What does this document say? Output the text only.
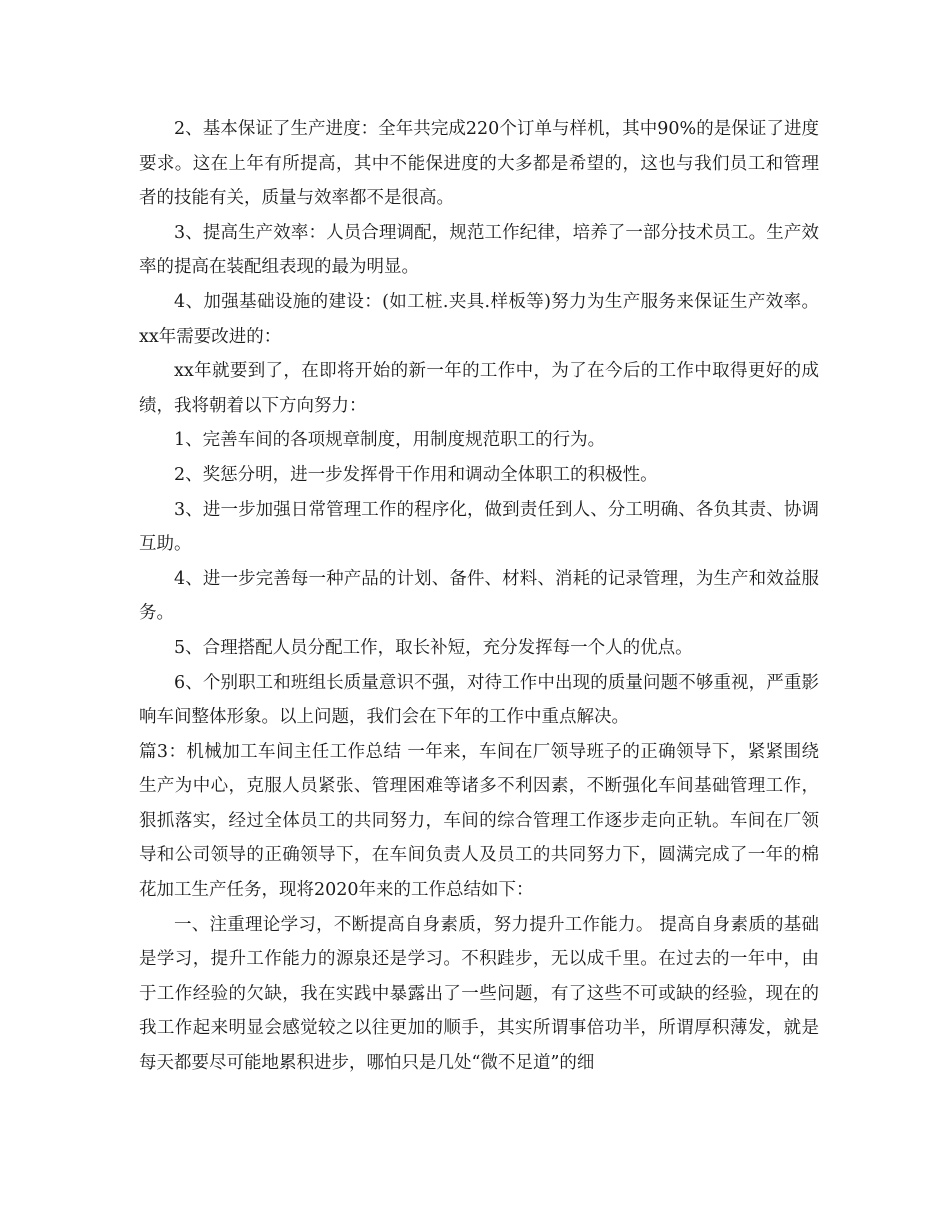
2、基本保证了生产进度：全年共完成220个订单与样机，其中90%的是保证了进度要求。这在上年有所提高，其中不能保进度的大多都是希望的，这也与我们员工和管理者的技能有关，质量与效率都不是很高。

3、提高生产效率：人员合理调配，规范工作纪律，培养了一部分技术员工。生产效率的提高在装配组表现的最为明显。

4、加强基础设施的建设：(如工桩.夹具.样板等)努力为生产服务来保证生产效率。 xx年需要改进的：

xx年就要到了，在即将开始的新一年的工作中，为了在今后的工作中取得更好的成绩，我将朝着以下方向努力：

1、完善车间的各项规章制度，用制度规范职工的行为。

2、奖惩分明，进一步发挥骨干作用和调动全体职工的积极性。

3、进一步加强日常管理工作的程序化，做到责任到人、分工明确、各负其责、协调互助。

4、进一步完善每一种产品的计划、备件、材料、消耗的记录管理，为生产和效益服务。

5、合理搭配人员分配工作，取长补短，充分发挥每一个人的优点。

6、个别职工和班组长质量意识不强，对待工作中出现的质量问题不够重视，严重影响车间整体形象。以上问题，我们会在下年的工作中重点解决。

篇3：机械加工车间主任工作总结 一年来，车间在厂领导班子的正确领导下，紧紧围绕生产为中心，克服人员紧张、管理困难等诸多不利因素，不断强化车间基础管理工作，狠抓落实，经过全体员工的共同努力，车间的综合管理工作逐步走向正轨。车间在厂领导和公司领导的正确领导下，在车间负责人及员工的共同努力下，圆满完成了一年的棉花加工生产任务，现将2020年来的工作总结如下：

一、注重理论学习，不断提高自身素质，努力提升工作能力。 提高自身素质的基础是学习，提升工作能力的源泉还是学习。不积跬步，无以成千里。在过去的一年中，由于工作经验的欠缺，我在实践中暴露出了一些问题，有了这些不可或缺的经验，现在的我工作起来明显会感觉较之以往更加的顺手，其实所谓事倍功半，所谓厚积薄发，就是每天都要尽可能地累积进步，哪怕只是几处“微不足道”的细
